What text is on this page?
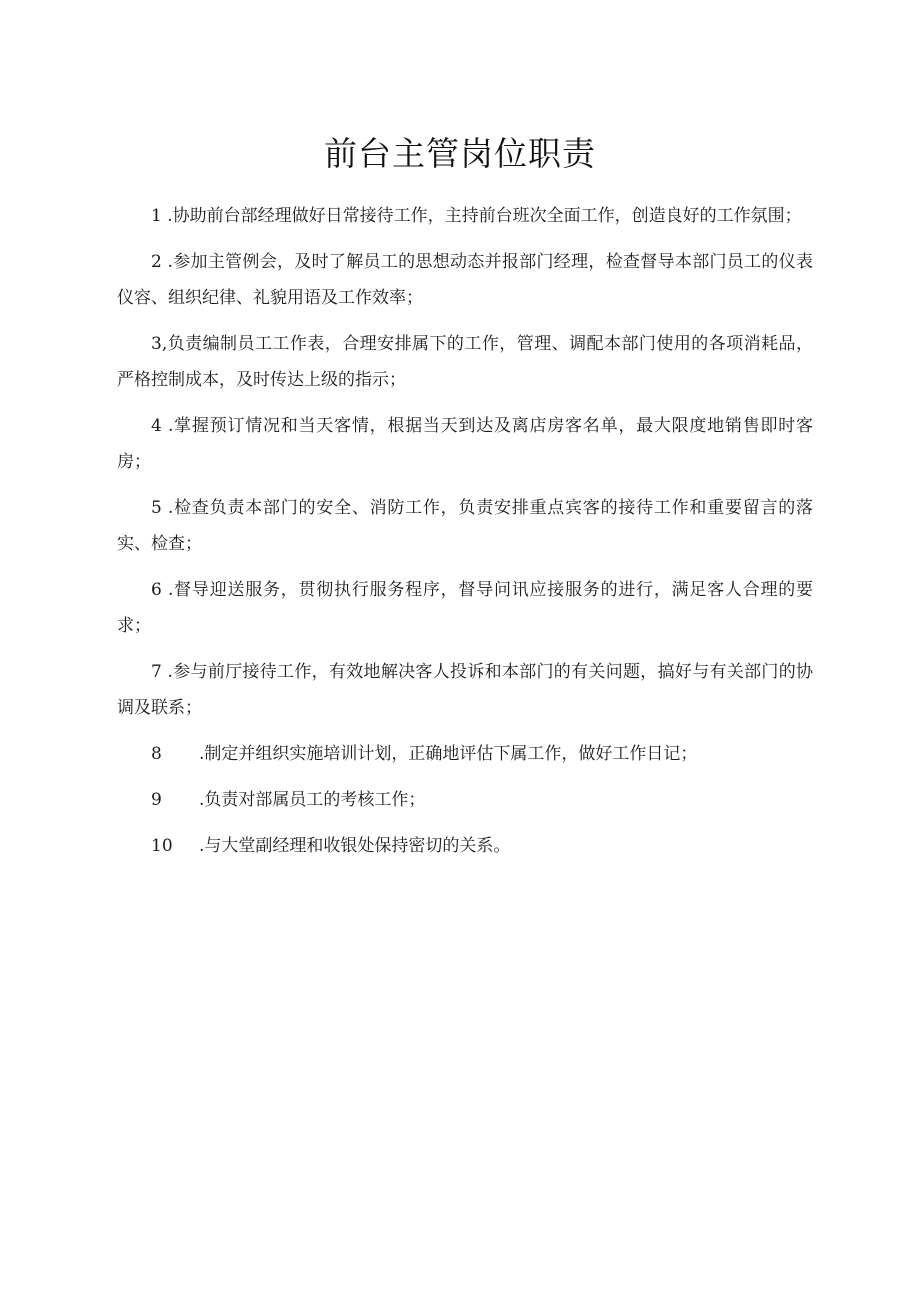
前台主管岗位职责

1 .协助前台部经理做好日常接待工作，主持前台班次全面工作，创造良好的工作氛围；

2 .参加主管例会，及时了解员工的思想动态并报部门经理，检查督导本部门员工的仪表仪容、组织纪律、礼貌用语及工作效率；

3,负责编制员工工作表，合理安排属下的工作，管理、调配本部门使用的各项消耗品，严格控制成本，及时传达上级的指示；

4 .掌握预订情况和当天客情，根据当天到达及离店房客名单，最大限度地销售即时客房；

5 .检查负责本部门的安全、消防工作，负责安排重点宾客的接待工作和重要留言的落实、检查；

6 .督导迎送服务，贯彻执行服务程序，督导问讯应接服务的进行，满足客人合理的要求；

7 .参与前厅接待工作，有效地解决客人投诉和本部门的有关问题，搞好与有关部门的协调及联系；

8 .制定并组织实施培训计划，正确地评估下属工作，做好工作日记；

9 .负责对部属员工的考核工作；

10 .与大堂副经理和收银处保持密切的关系。
